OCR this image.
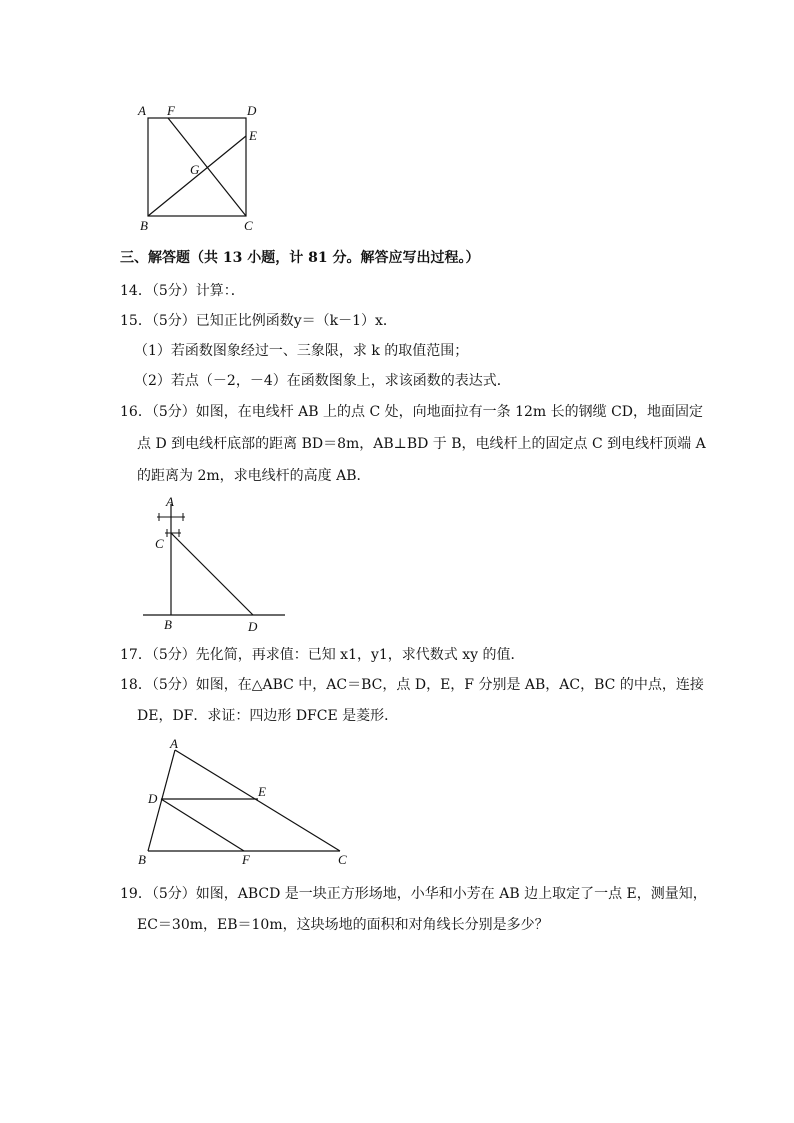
A F	D
E
G
B	C
三、解答题（共 13 小题，计 81 分。解答应写出过程。）
14．（5分）计算：．
15．（5分）已知正比例函数y＝（k－1）x．
（1）若函数图象经过一、三象限，求 k 的取值范围；
（2）若点（－2，－4）在函数图象上，求该函数的表达式．
16．（5分）如图，在电线杆 AB 上的点 C 处，向地面拉有一条 12m 长的钢缆 CD，地面固定
点 D 到电线杆底部的距离 BD＝8m，AB⊥BD 于 B，电线杆上的固定点 C 到电线杆顶端 A
的距离为 2m，求电线杆的高度 AB．
A
C
B	D
17．（5分）先化简，再求值：已知 x1，y1，求代数式 xy 的值．
18．（5分）如图，在△ABC 中，AC＝BC，点 D，E，F 分别是 AB，AC，BC 的中点，连接
DE，DF．求证：四边形 DFCE 是菱形．
A
D	E
B	F	C
19．（5分）如图，ABCD 是一块正方形场地，小华和小芳在 AB 边上取定了一点 E，测量知，
EC＝30m，EB＝10m，这块场地的面积和对角线长分别是多少？
